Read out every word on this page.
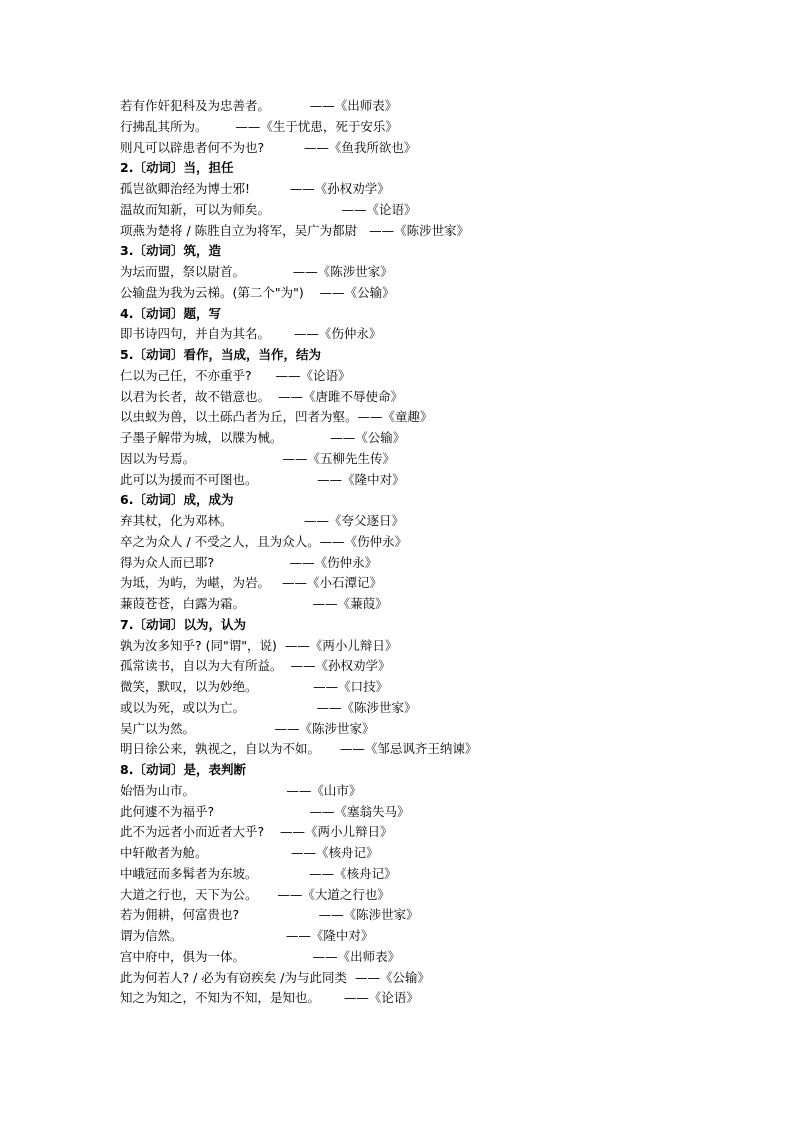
若有作奸犯科及为忠善者。	——《出师表》
行拂乱其所为。 ——《生于忧患，死于安乐》
则凡可以辟患者何不为也?	——《鱼我所欲也》
2.〔动词〕当，担任
孤岂欲卿治经为博士邪!	——《孙权劝学》
温故而知新，可以为师矣。	——《论语》
项燕为楚将 / 陈胜自立为将军，吴广为都尉 ——《陈涉世家》
3.〔动词〕筑，造
为坛而盟，祭以尉首。	——《陈涉世家》
公输盘为我为云梯。(第二个"为") ——《公输》
4.〔动词〕题，写
即书诗四句，并自为其名。 ——《伤仲永》
5.〔动词〕看作，当成，当作，结为
仁以为己任，不亦重乎? ——《论语》
以君为长者，故不错意也。 ——《唐雎不辱使命》
以虫蚁为兽，以土砾凸者为丘，凹者为壑。——《童趣》
子墨子解带为城，以牒为械。	——《公输》
因以为号焉。	——《五柳先生传》
此可以为援而不可图也。	——《隆中对》
6.〔动词〕成，成为
弃其杖，化为邓林。	——《夸父逐日》
卒之为众人 / 不受之人，且为众人。——《伤仲永》
得为众人而已耶?	——《伤仲永》
为坻，为屿，为嵁，为岩。 ——《小石潭记》
蒹葭苍苍，白露为霜。	——《蒹葭》
7.〔动词〕以为，认为
孰为汝多知乎? (同"谓"，说) ——《两小儿辩日》
孤常读书，自以为大有所益。 ——《孙权劝学》
微笑，默叹，以为妙绝。	——《口技》
或以为死，或以为亡。	——《陈涉世家》
吴广以为然。	——《陈涉世家》
明日徐公来，孰视之，自以为不如。 ——《邹忌讽齐王纳谏》
8.〔动词〕是，表判断
始悟为山市。	——《山市》
此何遽不为福乎?	——《塞翁失马》
此不为远者小而近者大乎? ——《两小儿辩日》
中轩敞者为舱。	——《核舟记》
中峨冠而多髯者为东坡。	——《核舟记》
大道之行也，天下为公。 ——《大道之行也》
若为佣耕，何富贵也?	——《陈涉世家》
谓为信然。	——《隆中对》
宫中府中，俱为一体。	——《出师表》
此为何若人? / 必为有窃疾矣 /为与此同类 ——《公输》
知之为知之，不知为不知，是知也。 ——《论语》
